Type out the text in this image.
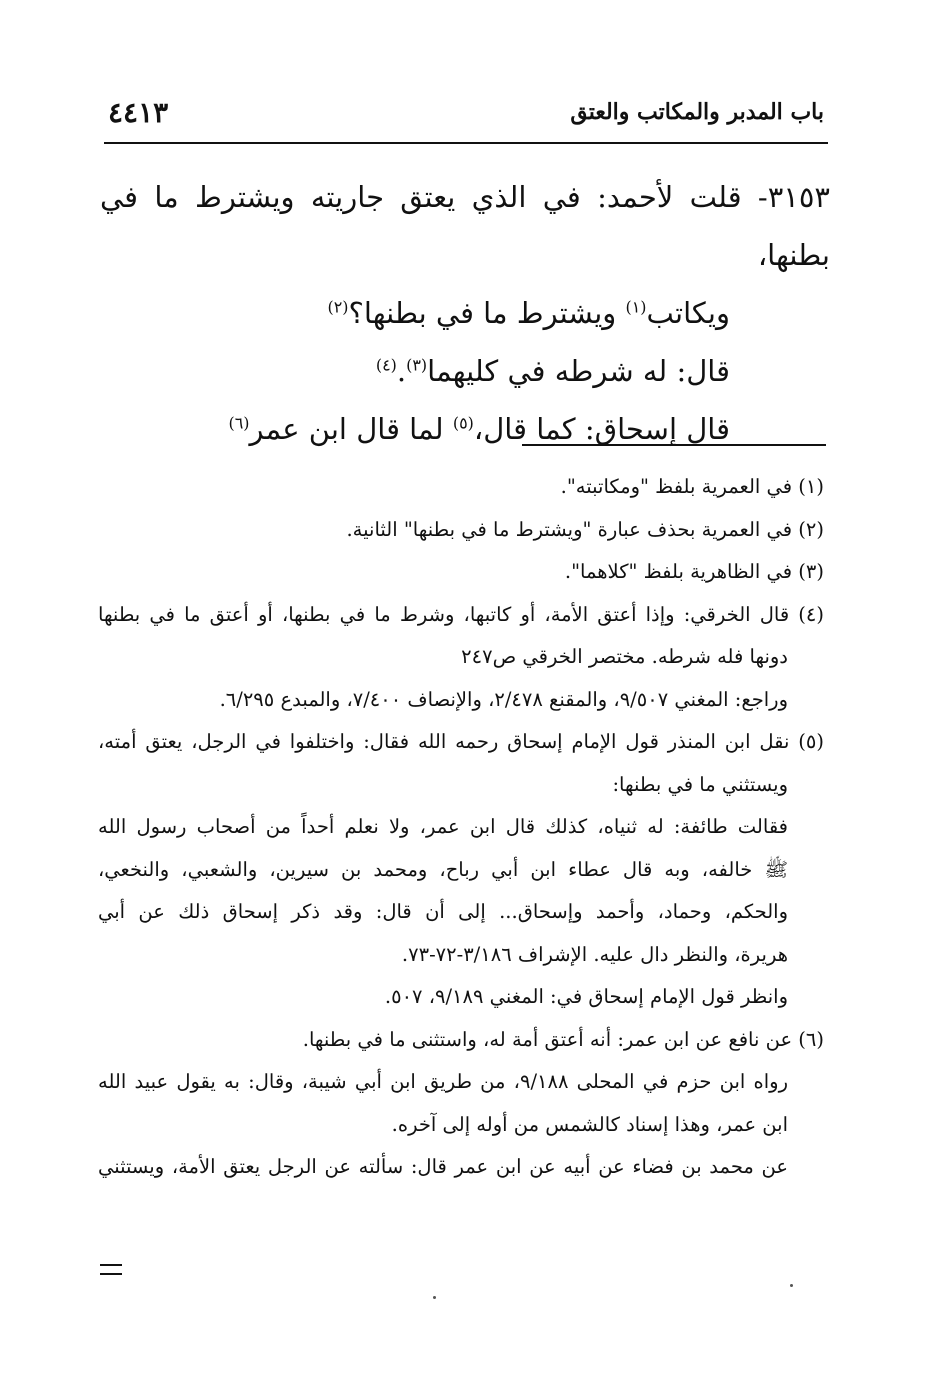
٤٤١٣	باب المدبر والمكاتب والعتق

٣١٥٣- قلت لأحمد: في الذي يعتق جاريته ويشترط ما في بطنها،

ويكاتب$^{(١)}$ ويشترط ما في بطنها؟$^{(٢)}$

قال: له شرطه في كليهما$^{(٣)}$.$^{(٤)}$

قال إسحاق: كما قال،$^{(٥)}$ لما قال ابن عمر$^{(٦)}$

(١) في العمرية بلفظ "ومكاتبته".

(٢) في العمرية بحذف عبارة "ويشترط ما في بطنها" الثانية.

(٣) في الظاهرية بلفظ "كلاهما".

(٤) قال الخرقي: وإذا أعتق الأمة، أو كاتبها، وشرط ما في بطنها، أو أعتق ما في بطنها

دونها فله شرطه. مختصر الخرقي ص٢٤٧

وراجع: المغني ٩/٥٠٧، والمقنع ٢/٤٧٨، والإنصاف ٧/٤٠٠، والمبدع ٦/٢٩٥.

(٥) نقل ابن المنذر قول الإمام إسحاق رحمه الله فقال: واختلفوا في الرجل، يعتق أمته،

ويستثني ما في بطنها:

فقالت طائفة: له ثنياه، كذلك قال ابن عمر، ولا نعلم أحداً من أصحاب رسول الله

ﷺ خالفه، وبه قال عطاء ابن أبي رباح، ومحمد بن سيرين، والشعبي، والنخعي،

والحكم، وحماد، وأحمد وإسحاق... إلى أن قال: وقد ذكر إسحاق ذلك عن أبي

هريرة، والنظر دال عليه. الإشراف ٣/١٨٦-٧٢-٧٣.

وانظر قول الإمام إسحاق في: المغني ٩/١٨٩، ٥٠٧.

(٦) عن نافع عن ابن عمر: أنه أعتق أمة له، واستثنى ما في بطنها.

رواه ابن حزم في المحلى ٩/١٨٨، من طريق ابن أبي شيبة، وقال: به يقول عبيد الله

ابن عمر، وهذا إسناد كالشمس من أوله إلى آخره.

عن محمد بن فضاء عن أبيه عن ابن عمر قال: سألته عن الرجل يعتق الأمة، ويستثني
